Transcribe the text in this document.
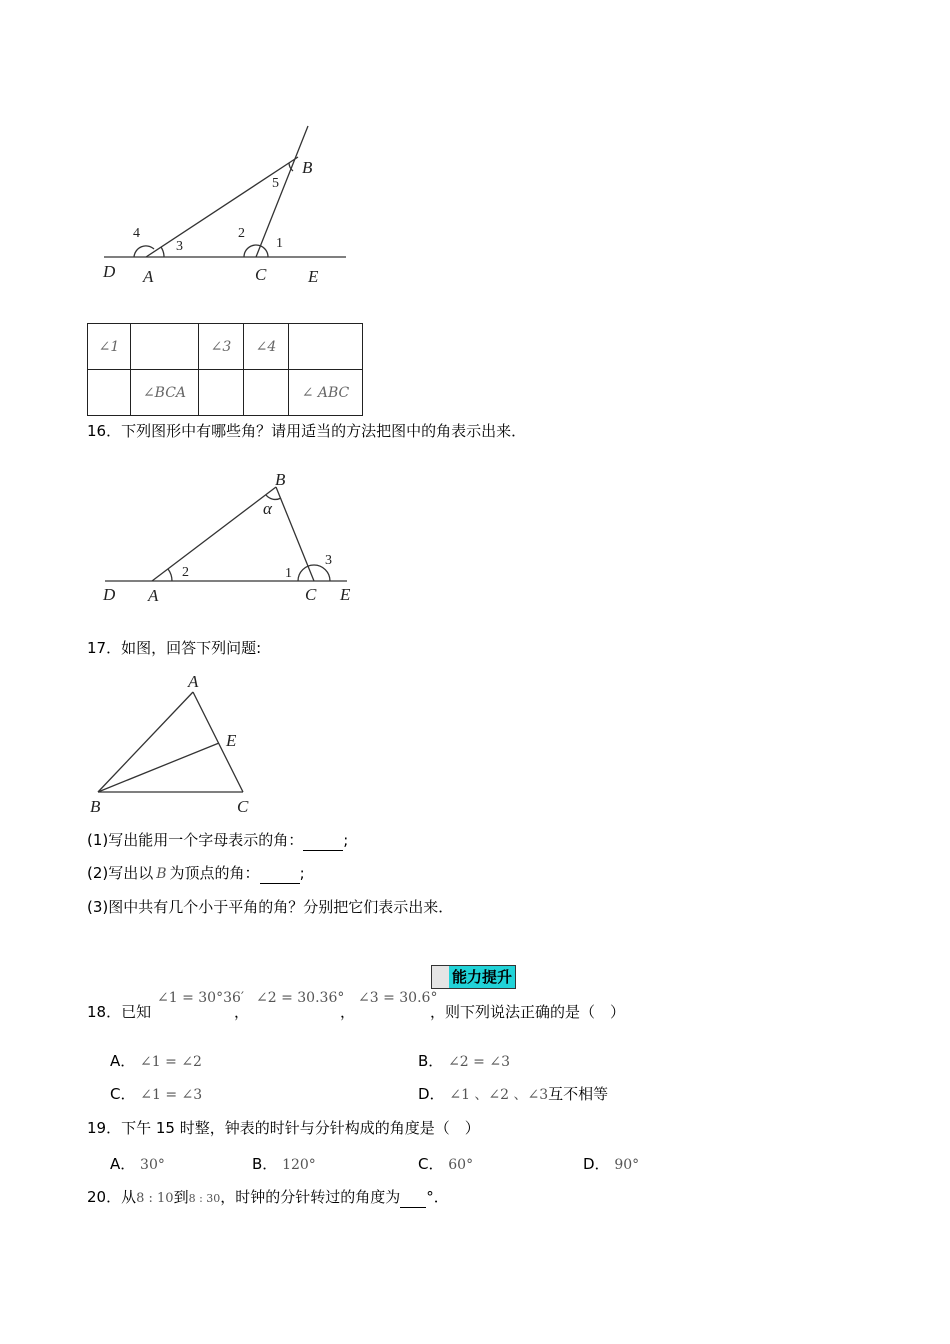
B
D A	C E
4
3
2
1
5
∠1		∠3	∠4	
	∠BCA			∠ ABC
16．下列图形中有哪些角？请用适当的方法把图中的角表示出来．
B
α
D A	C E
2	1
3
17．如图，回答下列问题:
A
E
B	C
(1)写出能用一个字母表示的角：	;
(2)写出以 B 为顶点的角：	;
(3)图中共有几个小于平角的角？分别把它们表示出来．
能力提升
18．已知
∠1 = 30°36′
，
∠2 = 30.36°
，
∠3 = 30.6°
，则下列说法正确的是（　）
A． ∠1 = ∠2	B． ∠2 = ∠3
C． ∠1 = ∠3	D． ∠1 、∠2 、∠3互不相等
19．下午 15 时整，钟表的时针与分针构成的角度是（　）
A． 30°	B． 120°	C． 60°	D． 90°
20．从8 : 10到8 : 30，时钟的分针转过的角度为 °．
